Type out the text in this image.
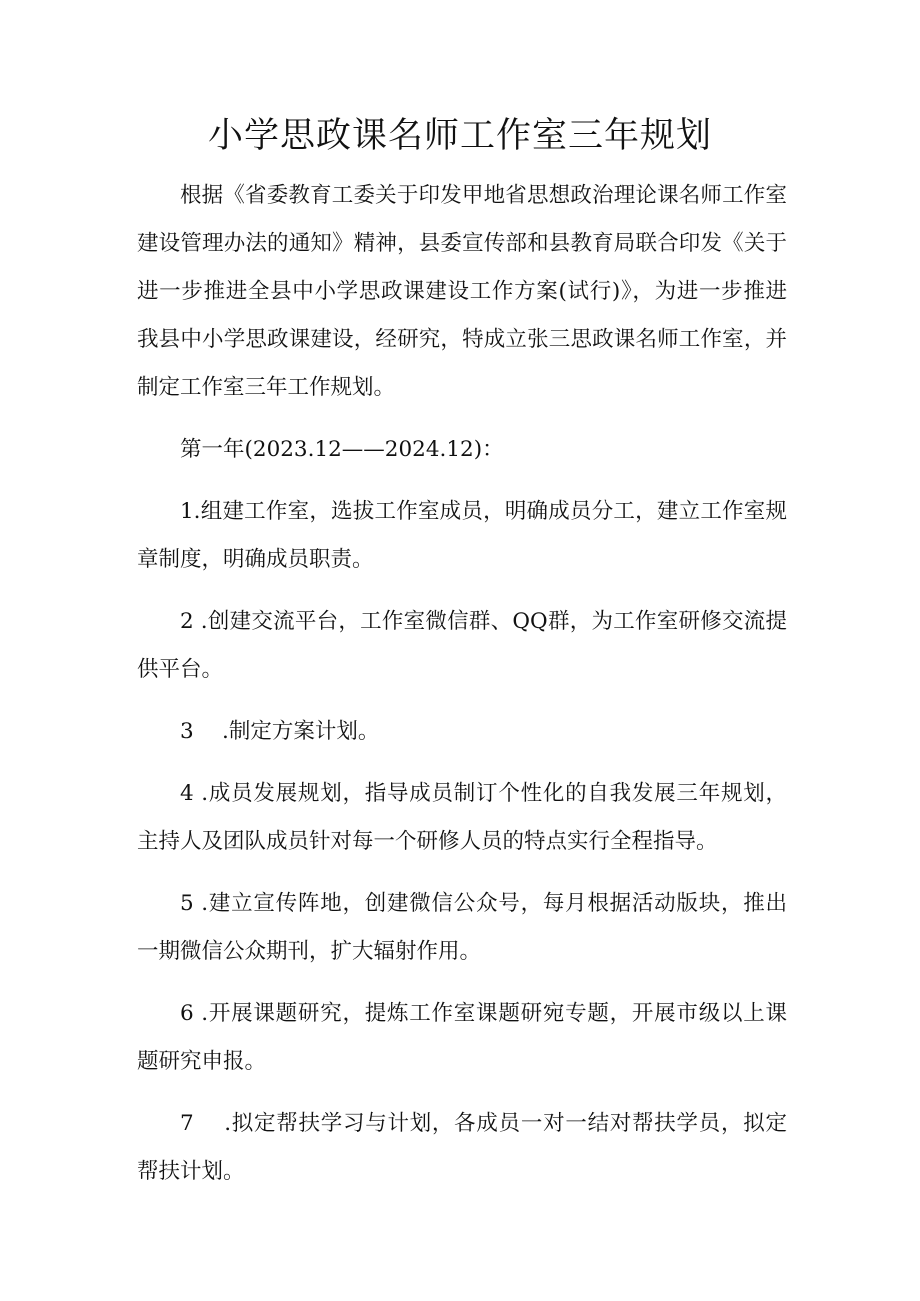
小学思政课名师工作室三年规划

根据《省委教育工委关于印发甲地省思想政治理论课名师工作室建设管理办法的通知》精神，县委宣传部和县教育局联合印发《关于进一步推进全县中小学思政课建设工作方案(试行)》，为进一步推进我县中小学思政课建设，经研究，特成立张三思政课名师工作室，并制定工作室三年工作规划。

第一年(2023.12——2024.12)：

1.组建工作室，选拔工作室成员，明确成员分工，建立工作室规章制度，明确成员职责。

2 .创建交流平台，工作室微信群、QQ群，为工作室研修交流提供平台。

3　 .制定方案计划。

4 .成员发展规划，指导成员制订个性化的自我发展三年规划，主持人及团队成员针对每一个研修人员的特点实行全程指导。

5 .建立宣传阵地，创建微信公众号，每月根据活动版块，推出一期微信公众期刊，扩大辐射作用。

6 .开展课题研究，提炼工作室课题研宛专题，开展市级以上课题研究申报。

7　 .拟定帮扶学习与计划，各成员一对一结对帮扶学员，拟定帮扶计划。
